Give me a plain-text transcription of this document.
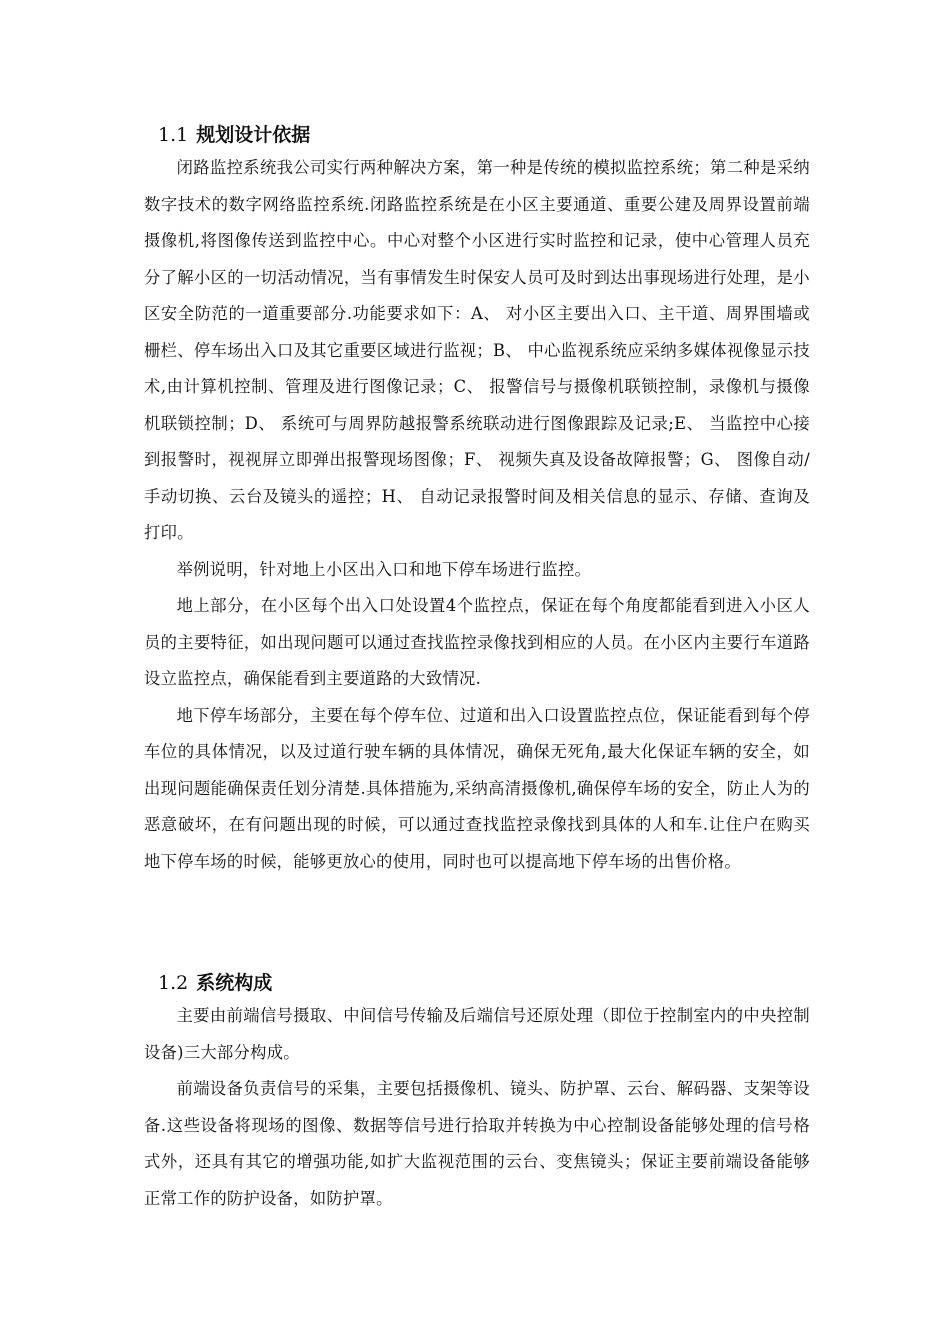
1.1 规划设计依据

闭路监控系统我公司实行两种解决方案，第一种是传统的模拟监控系统；第二种是采纳数字技术的数字网络监控系统.闭路监控系统是在小区主要通道、重要公建及周界设置前端摄像机,将图像传送到监控中心。中心对整个小区进行实时监控和记录，使中心管理人员充分了解小区的一切活动情况，当有事情发生时保安人员可及时到达出事现场进行处理，是小区安全防范的一道重要部分.功能要求如下：A、 对小区主要出入口、主干道、周界围墙或栅栏、停车场出入口及其它重要区域进行监视；B、 中心监视系统应采纳多媒体视像显示技术,由计算机控制、管理及进行图像记录；C、 报警信号与摄像机联锁控制，录像机与摄像机联锁控制；D、 系统可与周界防越报警系统联动进行图像跟踪及记录;E、 当监控中心接到报警时，视视屏立即弹出报警现场图像；F、 视频失真及设备故障报警；G、 图像自动/手动切换、云台及镜头的遥控；H、 自动记录报警时间及相关信息的显示、存储、查询及打印。

举例说明，针对地上小区出入口和地下停车场进行监控。

地上部分，在小区每个出入口处设置4个监控点，保证在每个角度都能看到进入小区人员的主要特征，如出现问题可以通过查找监控录像找到相应的人员。在小区内主要行车道路设立监控点，确保能看到主要道路的大致情况.

地下停车场部分，主要在每个停车位、过道和出入口设置监控点位，保证能看到每个停车位的具体情况，以及过道行驶车辆的具体情况，确保无死角,最大化保证车辆的安全，如出现问题能确保责任划分清楚.具体措施为,采纳高清摄像机,确保停车场的安全，防止人为的恶意破坏，在有问题出现的时候，可以通过查找监控录像找到具体的人和车.让住户在购买地下停车场的时候，能够更放心的使用，同时也可以提高地下停车场的出售价格。

1.2 系统构成

主要由前端信号摄取、中间信号传输及后端信号还原处理（即位于控制室内的中央控制设备)三大部分构成。

前端设备负责信号的采集，主要包括摄像机、镜头、防护罩、云台、解码器、支架等设备.这些设备将现场的图像、数据等信号进行拾取并转换为中心控制设备能够处理的信号格式外，还具有其它的增强功能,如扩大监视范围的云台、变焦镜头；保证主要前端设备能够正常工作的防护设备，如防护罩。
